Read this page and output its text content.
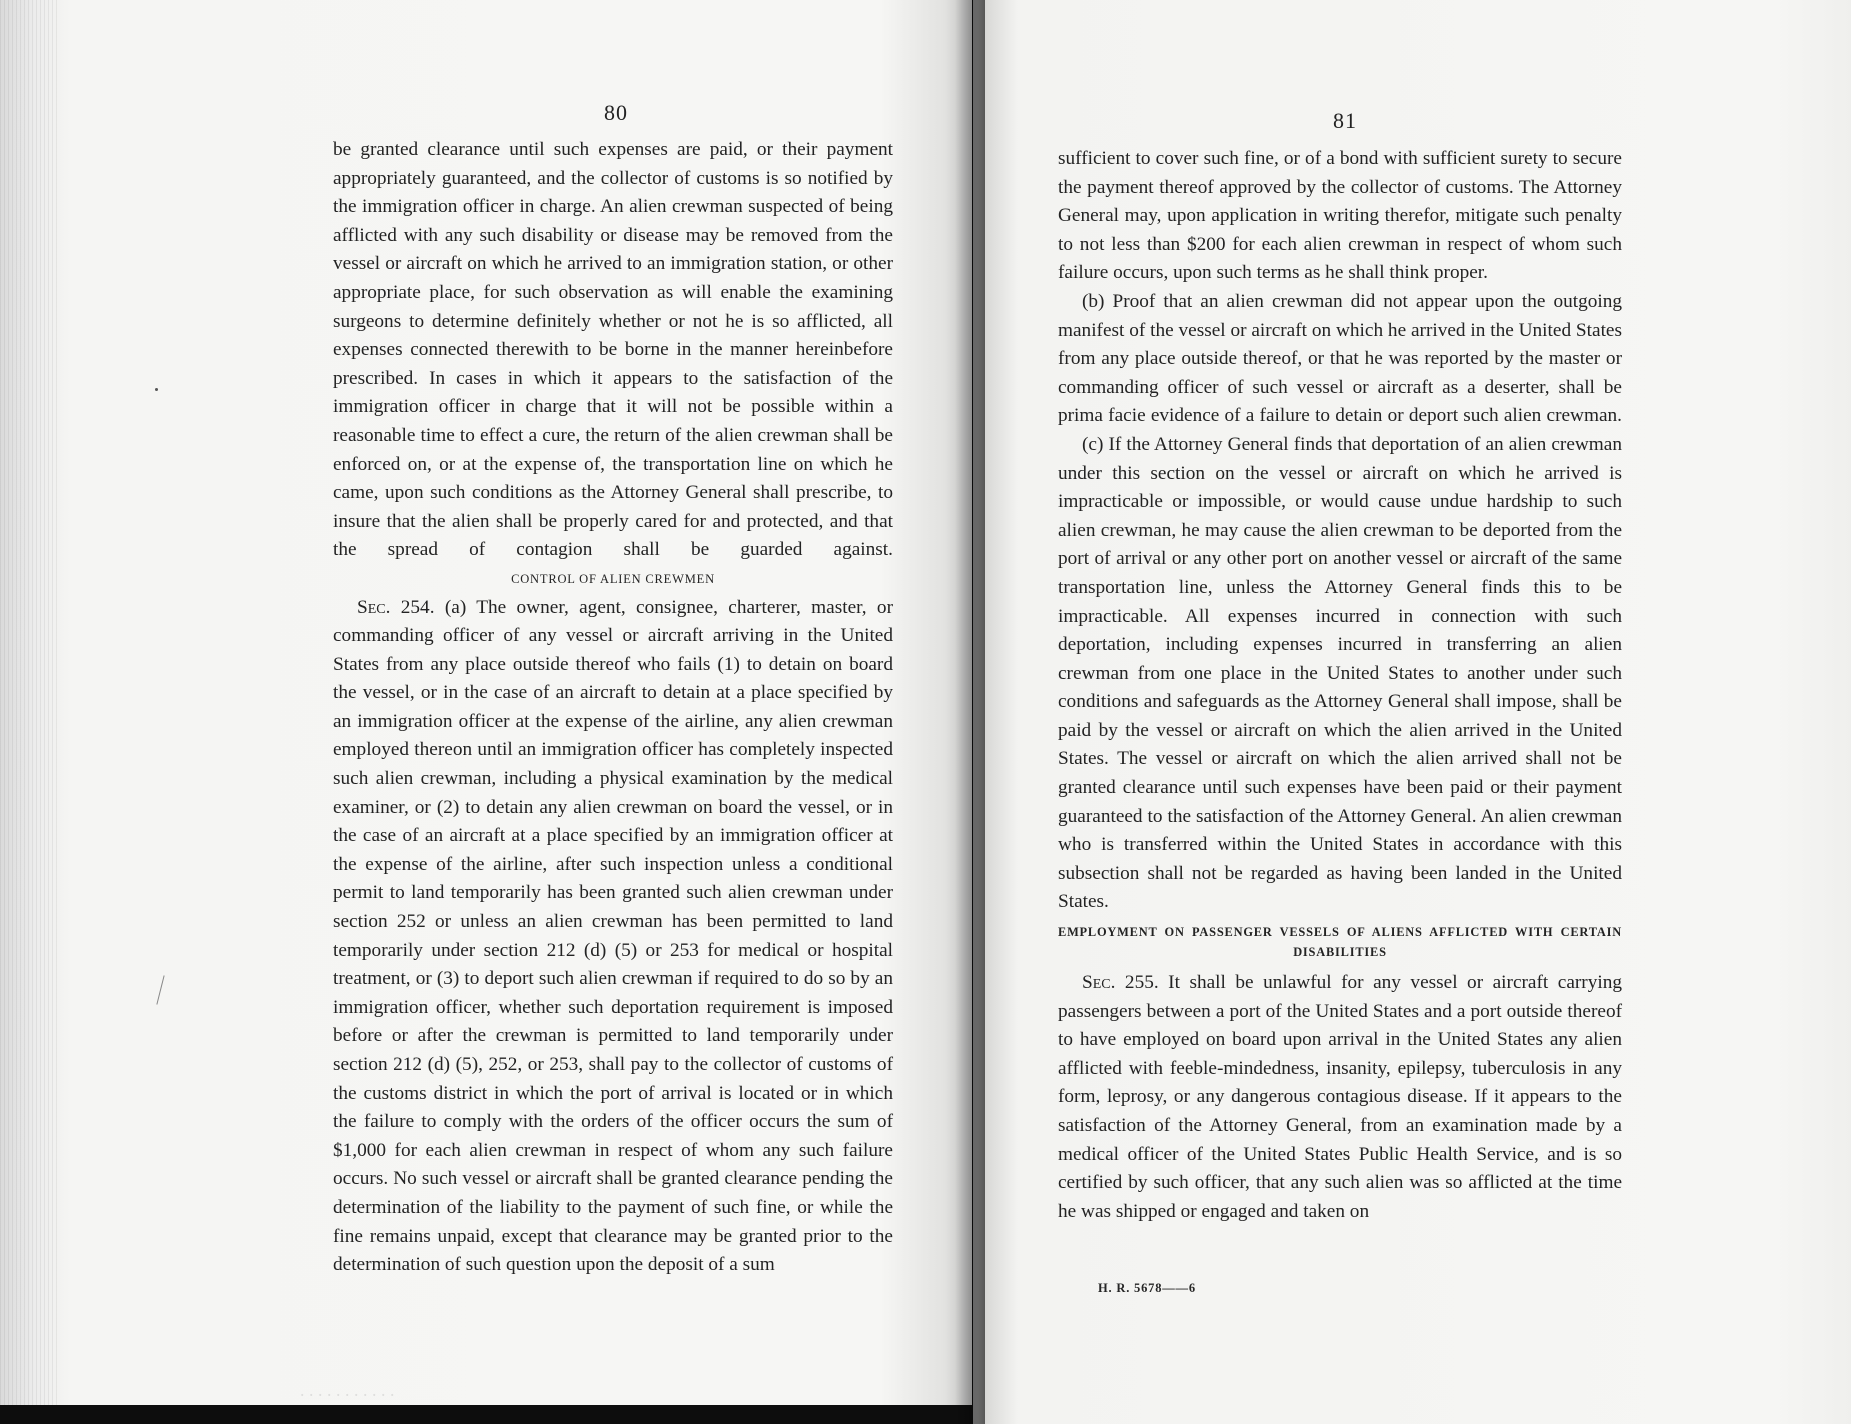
. . . . . . . . . . .
80

be granted clearance until such expenses are paid, or their payment appropriately guaranteed, and the collector of customs is so notified by the immigration officer in charge. An alien crewman suspected of being afflicted with any such disability or disease may be removed from the vessel or aircraft on which he arrived to an immigration station, or other appropriate place, for such observation as will enable the examining surgeons to determine definitely whether or not he is so afflicted, all expenses connected therewith to be borne in the manner hereinbefore prescribed. In cases in which it appears to the satisfaction of the immigration officer in charge that it will not be possible within a reasonable time to effect a cure, the return of the alien crewman shall be enforced on, or at the expense of, the transportation line on which he came, upon such conditions as the Attorney General shall prescribe, to insure that the alien shall be properly cared for and protected, and that the spread of contagion shall be guarded against.

CONTROL OF ALIEN CREWMEN

Sec. 254. (a) The owner, agent, consignee, charterer, master, or commanding officer of any vessel or aircraft arriving in the United States from any place outside thereof who fails (1) to detain on board the vessel, or in the case of an aircraft to detain at a place specified by an immigration officer at the expense of the airline, any alien crewman employed thereon until an immigration officer has completely inspected such alien crewman, including a physical examination by the medical examiner, or (2) to detain any alien crewman on board the vessel, or in the case of an aircraft at a place specified by an immigration officer at the expense of the airline, after such inspection unless a conditional permit to land temporarily has been granted such alien crewman under section 252 or unless an alien crewman has been permitted to land temporarily under section 212 (d) (5) or 253 for medical or hospital treatment, or (3) to deport such alien crewman if required to do so by an immigration officer, whether such deportation requirement is imposed before or after the crewman is permitted to land temporarily under section 212 (d) (5), 252, or 253, shall pay to the collector of customs of the customs district in which the port of arrival is located or in which the failure to comply with the orders of the officer occurs the sum of $1,000 for each alien crewman in respect of whom any such failure occurs. No such vessel or aircraft shall be granted clearance pending the determination of the liability to the payment of such fine, or while the fine remains unpaid, except that clearance may be granted prior to the determination of such question upon the deposit of a sum

81

sufficient to cover such fine, or of a bond with sufficient surety to secure the payment thereof approved by the collector of customs. The Attorney General may, upon application in writing therefor, mitigate such penalty to not less than $200 for each alien crewman in respect of whom such failure occurs, upon such terms as he shall think proper.

(b) Proof that an alien crewman did not appear upon the outgoing manifest of the vessel or aircraft on which he arrived in the United States from any place outside thereof, or that he was reported by the master or commanding officer of such vessel or aircraft as a deserter, shall be prima facie evidence of a failure to detain or deport such alien crewman.

(c) If the Attorney General finds that deportation of an alien crewman under this section on the vessel or aircraft on which he arrived is impracticable or impossible, or would cause undue hardship to such alien crewman, he may cause the alien crewman to be deported from the port of arrival or any other port on another vessel or aircraft of the same transportation line, unless the Attorney General finds this to be impracticable. All expenses incurred in connection with such deportation, including expenses incurred in transferring an alien crewman from one place in the United States to another under such conditions and safeguards as the Attorney General shall impose, shall be paid by the vessel or aircraft on which the alien arrived in the United States. The vessel or aircraft on which the alien arrived shall not be granted clearance until such expenses have been paid or their payment guaranteed to the satisfaction of the Attorney General. An alien crewman who is transferred within the United States in accordance with this subsection shall not be regarded as having been landed in the United States.

EMPLOYMENT ON PASSENGER VESSELS OF ALIENS AFFLICTED WITH CERTAIN
DISABILITIES

Sec. 255. It shall be unlawful for any vessel or aircraft carrying passengers between a port of the United States and a port outside thereof to have employed on board upon arrival in the United States any alien afflicted with feeble-mindedness, insanity, epilepsy, tuberculosis in any form, leprosy, or any dangerous contagious disease. If it appears to the satisfaction of the Attorney General, from an examination made by a medical officer of the United States Public Health Service, and is so certified by such officer, that any such alien was so afflicted at the time he was shipped or engaged and taken on

H. R. 5678——6
